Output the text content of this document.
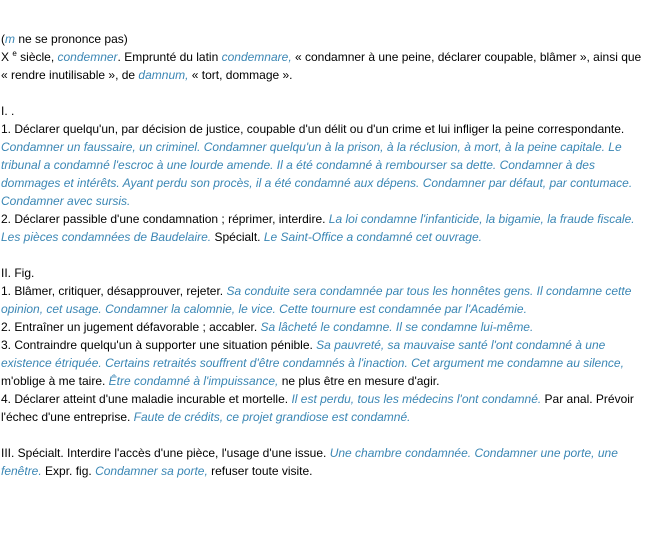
(m ne se prononce pas)

X $^e$ siècle, condemner. Emprunté du latin condemnare, « condamner à une peine, déclarer coupable, blâmer », ainsi que « rendre inutilisable », de damnum, « tort, dommage ».

I. .

1. Déclarer quelqu'un, par décision de justice, coupable d'un délit ou d'un crime et lui infliger la peine correspondante. Condamner un faussaire, un criminel. Condamner quelqu'un à la prison, à la réclusion, à mort, à la peine capitale. Le tribunal a condamné l'escroc à une lourde amende. Il a été condamné à rembourser sa dette. Condamner à des dommages et intérêts. Ayant perdu son procès, il a été condamné aux dépens. Condamner par défaut, par contumace. Condamner avec sursis.

2. Déclarer passible d'une condamnation ; réprimer, interdire. La loi condamne l'infanticide, la bigamie, la fraude fiscale. Les pièces condamnées de Baudelaire. Spécialt. Le Saint-Office a condamné cet ouvrage.

II. Fig.

1. Blâmer, critiquer, désapprouver, rejeter. Sa conduite sera condamnée par tous les honnêtes gens. Il condamne cette opinion, cet usage. Condamner la calomnie, le vice. Cette tournure est condamnée par l'Académie.

2. Entraîner un jugement défavorable ; accabler. Sa lâcheté le condamne. Il se condamne lui-même.

3. Contraindre quelqu'un à supporter une situation pénible. Sa pauvreté, sa mauvaise santé l'ont condamné à une existence étriquée. Certains retraités souffrent d'être condamnés à l'inaction. Cet argument me condamne au silence, m'oblige à me taire. Être condamné à l'impuissance, ne plus être en mesure d'agir.

4. Déclarer atteint d'une maladie incurable et mortelle. Il est perdu, tous les médecins l'ont condamné. Par anal. Prévoir l'échec d'une entreprise. Faute de crédits, ce projet grandiose est condamné.

III. Spécialt. Interdire l'accès d'une pièce, l'usage d'une issue. Une chambre condamnée. Condamner une porte, une fenêtre. Expr. fig. Condamner sa porte, refuser toute visite.
